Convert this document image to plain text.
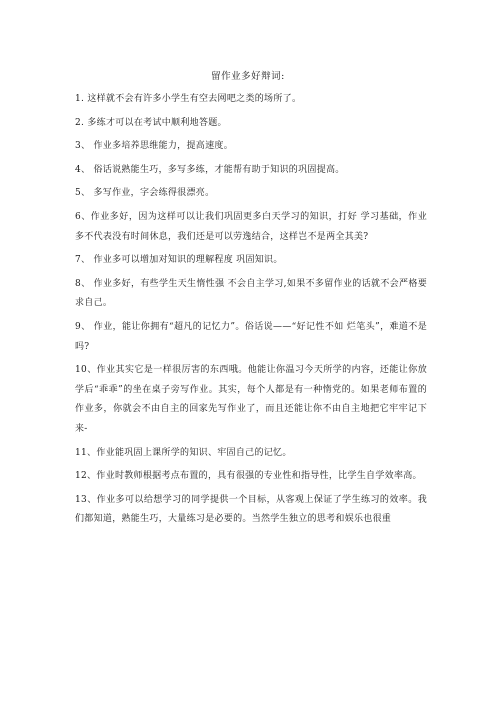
留作业多好辩词:

1. 这样就不会有许多小学生有空去网吧之类的场所了。

2. 多练才可以在考试中顺利地答题。

3、 作业多培养思维能力，提高速度。

4、 俗话说熟能生巧，多写多练，才能帮有助于知识的巩固提高。

5、 多写作业，字会练得很漂亮。

6、作业多好，因为这样可以让我们巩固更多白天学习的知识，打好 学习基础，作业多不代表没有时间休息，我们还是可以劳逸结合，这样岂不是两全其美?

7、 作业多可以增加对知识的理解程度 巩固知识。

8、 作业多好，有些学生天生惰性强 不会自主学习,如果不多留作业的话就不会严格要求自己。

9、 作业，能让你拥有“超凡的记忆力”。俗话说——“好记性不如 烂笔头”，难道不是吗?

10、作业其实它是一样很厉害的东西哦。他能让你温习今天所学的内容，还能让你放学后“乖乖”的坐在桌子旁写作业。其实，每个人都是有一种惰党的。如果老师布置的作业多，你就会不由自主的回家先写作业了，而且还能让你不由自主地把它牢牢记下来-

11、作业能巩固上课所学的知识、牢固自己的记忆。

12、作业时教师根据考点布置的，具有很强的专业性和指导性，比学生自学效率高。

13、作业多可以给想学习的同学提供一个目标，从客观上保证了学生练习的效率。我们都知道，熟能生巧，大量练习是必要的。当然学生独立的思考和娱乐也很重
